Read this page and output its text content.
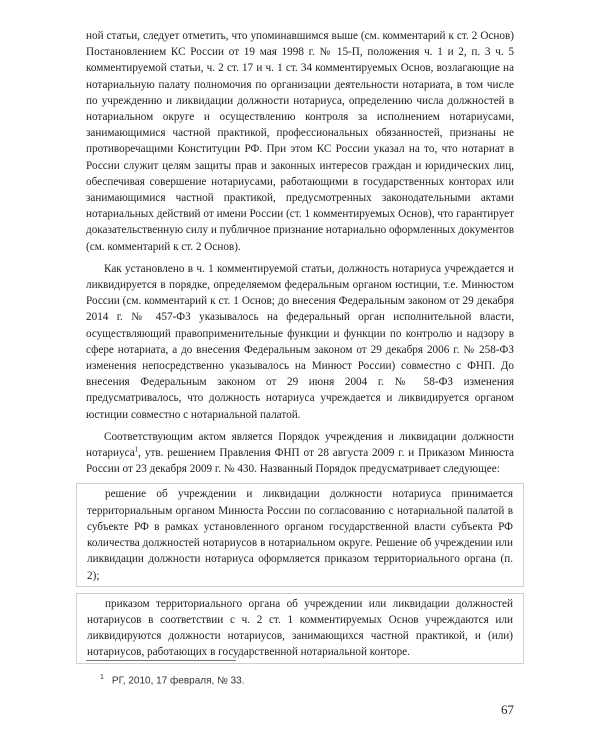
ной статьи, следует отметить, что упоминавшимся выше (см. комментарий к ст. 2 Основ) Постановлением КС России от 19 мая 1998 г. № 15-П, положения ч. 1 и 2, п. 3 ч. 5 комментируемой статьи, ч. 2 ст. 17 и ч. 1 ст. 34 комментируемых Основ, возлагающие на нотариальную палату полномочия по организации деятельности нотариата, в том числе по учреждению и ликвидации должности нотариуса, определению числа должностей в нотариальном округе и осуществлению контроля за исполнением нотариусами, занимающимися частной практикой, профессиональных обязанностей, признаны не противоречащими Конституции РФ. При этом КС России указал на то, что нотариат в России служит целям защиты прав и законных интересов граждан и юридических лиц, обеспечивая совершение нотариусами, работающими в государственных конторах или занимающимися частной практикой, предусмотренных законодательными актами нотариальных действий от имени России (ст. 1 комментируемых Основ), что гарантирует доказательственную силу и публичное признание нотариально оформленных документов (см. комментарий к ст. 2 Основ).

Как установлено в ч. 1 комментируемой статьи, должность нотариуса учреждается и ликвидируется в порядке, определяемом федеральным органом юстиции, т.е. Минюстом России (см. комментарий к ст. 1 Основ; до внесения Федеральным законом от 29 декабря 2014 г. № 457-ФЗ указывалось на федеральный орган исполнительной власти, осуществляющий правоприменительные функции и функции по контролю и надзору в сфере нотариата, а до внесения Федеральным законом от 29 декабря 2006 г. № 258-ФЗ изменения непосредственно указывалось на Минюст России) совместно с ФНП. До внесения Федеральным законом от 29 июня 2004 г. № 58-ФЗ изменения предусматривалось, что должность нотариуса учреждается и ликвидируется органом юстиции совместно с нотариальной палатой.

Соответствующим актом является Порядок учреждения и ликвидации должности нотариуса$^1$, утв. решением Правления ФНП от 28 августа 2009 г. и Приказом Минюста России от 23 декабря 2009 г. № 430. Названный Порядок предусматривает следующее:

решение об учреждении и ликвидации должности нотариуса принимается территориальным органом Минюста России по согласованию с нотариальной палатой в субъекте РФ в рамках установленного органом государственной власти субъекта РФ количества должностей нотариусов в нотариальном округе. Решение об учреждении или ликвидации должности нотариуса оформляется приказом территориального органа (п. 2);

приказом территориального органа об учреждении или ликвидации должностей нотариусов в соответствии с ч. 2 ст. 1 комментируемых Основ учреждаются или ликвидируются должности нотариусов, занимающихся частной практикой, и (или) нотариусов, работающих в государственной нотариальной конторе.

$^1$ РГ, 2010, 17 февраля, № 33.
67
